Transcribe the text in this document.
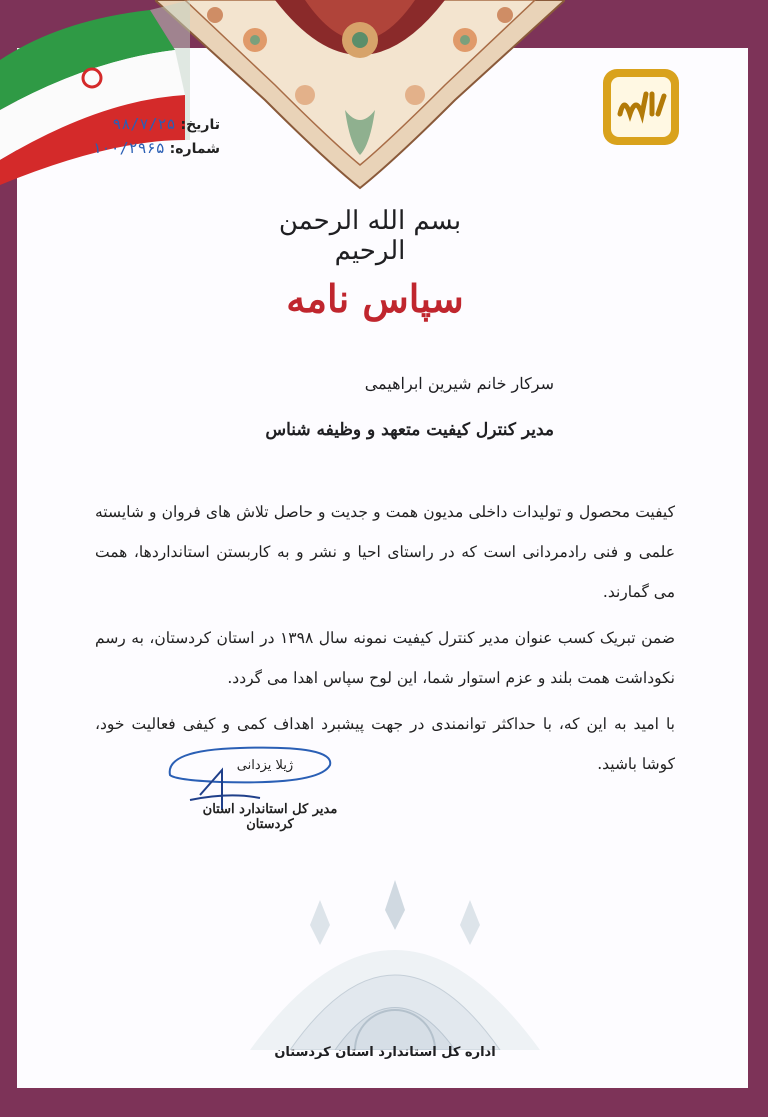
تاریخ: ۹۸/۷/۲۵
شماره: ۱۰۰/۲۹۶۵
بسم الله الرحمن الرحیم
سپاس نامه
سرکار خانم شیرین ابراهیمی
مدیر کنترل کیفیت متعهد و وظیفه شناس

کیفیت محصول و تولیدات داخلی مدیون همت و جدیت و حاصل تلاش های فروان و شایسته علمی و فنی رادمردانی است که در راستای احیا و نشر و به کاربستن استانداردها، همت می گمارند.

ضمن تبریک کسب عنوان مدیر کنترل کیفیت نمونه سال ۱۳۹۸ در استان کردستان، به رسم نکوداشت همت بلند و عزم استوار شما، این لوح سپاس اهدا می گردد.

با امید به این که، با حداکثر توانمندی در جهت پیشبرد اهداف کمی و کیفی فعالیت خود، کوشا باشید.

ژیلا یزدانی
مدیر کل استاندارد استان کردستان
اداره کل استاندارد استان کردستان
